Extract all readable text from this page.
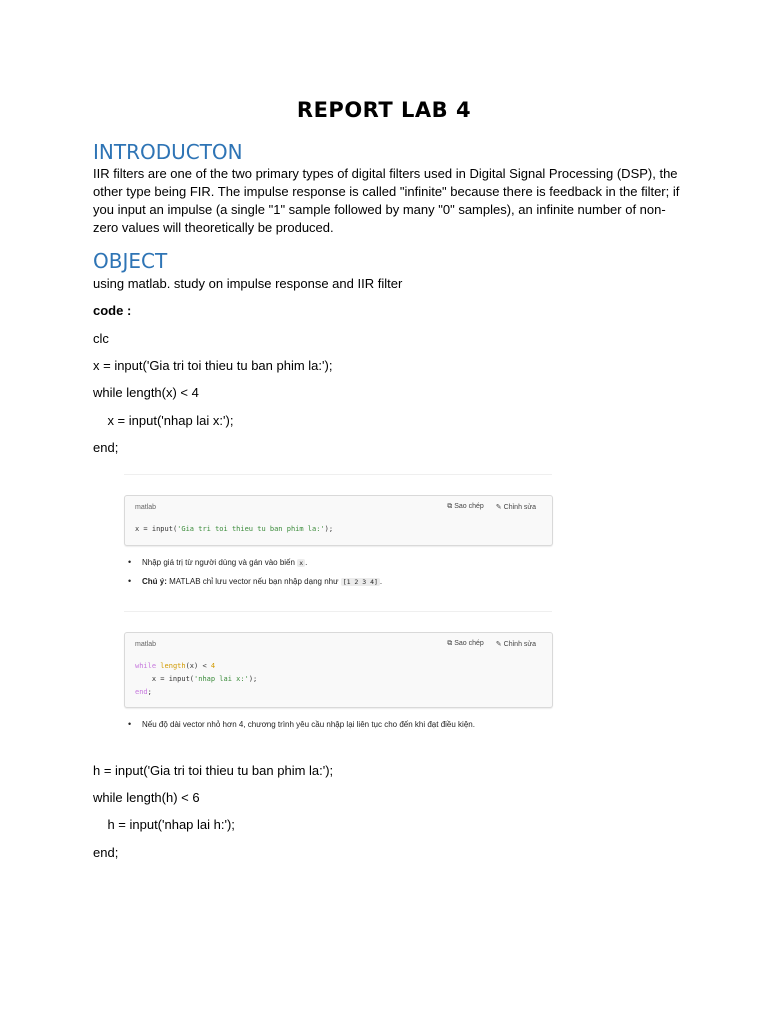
REPORT LAB 4
INTRODUCTON
IIR filters are one of the two primary types of digital filters used in Digital Signal Processing (DSP), the other type being FIR. The impulse response is called "infinite" because there is feedback in the filter; if you input an impulse (a single "1" sample followed by many "0" samples), an infinite number of non-zero values will theoretically be produced.
OBJECT
using matlab. study on impulse response and IIR filter
code :
clc
x = input('Gia tri toi thieu tu ban phim la:');
while length(x) < 4
x = input('nhap lai x:');
end;
matlab	⧉ Sao chép ✎ Chỉnh sửa
x = input('Gia tri toi thieu tu ban phim la:');
• Nhập giá trị từ người dùng và gán vào biến x .
• Chú ý: MATLAB chỉ lưu vector nếu bạn nhập dạng như [1 2 3 4] .
matlab	⧉ Sao chép ✎ Chỉnh sửa
while length(x) < 4
x = input('nhap lai x:');
end;
• Nếu độ dài vector nhỏ hơn 4, chương trình yêu cầu nhập lại liên tục cho đến khi đạt điều kiện.
h = input('Gia tri toi thieu tu ban phim la:');
while length(h) < 6
h = input('nhap lai h:');
end;
